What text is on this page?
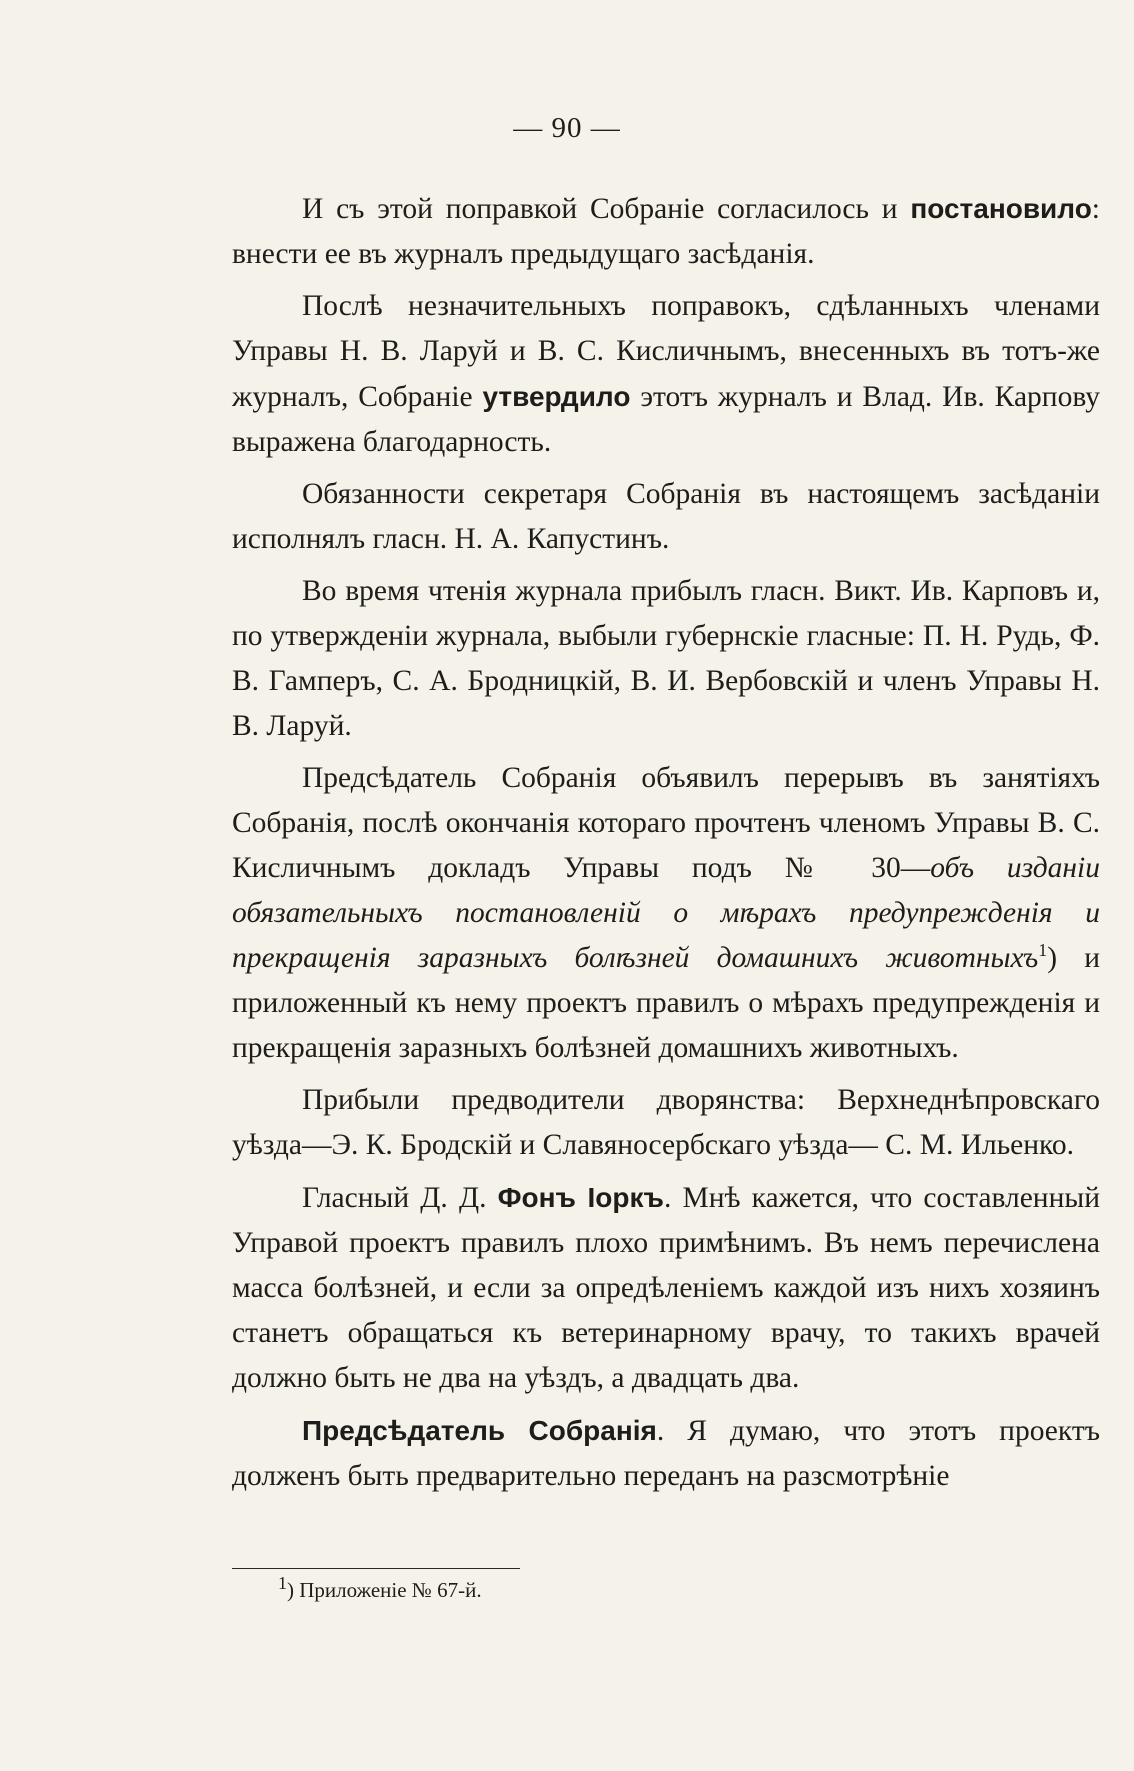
— 90 —

И съ этой поправкой Собраніе согласилось и постановило: внести ее въ журналъ предыдущаго засѣданія.

Послѣ незначительныхъ поправокъ, сдѣланныхъ членами Управы Н. В. Ларуй и В. С. Кисличнымъ, внесенныхъ въ тотъ-же журналъ, Собраніе утвердило этотъ журналъ и Влад. Ив. Карпову выражена благодарность.

Обязанности секретаря Собранія въ настоящемъ засѣданіи исполнялъ гласн. Н. А. Капустинъ.

Во время чтенія журнала прибылъ гласн. Викт. Ив. Карповъ и, по утвержденіи журнала, выбыли губернскіе гласные: П. Н. Рудь, Ф. В. Гамперъ, С. А. Бродницкій, В. И. Вербовскій и членъ Управы Н. В. Ларуй.

Предсѣдатель Собранія объявилъ перерывъ въ занятіяхъ Собранія, послѣ окончанія котораго прочтенъ членомъ Управы В. С. Кисличнымъ докладъ Управы подъ № 30—объ изданіи обязательныхъ постановленій о мѣрахъ предупрежденія и прекращенія заразныхъ болѣзней домашнихъ животныхъ$^1$) и приложенный къ нему проектъ правилъ о мѣрахъ предупрежденія и прекращенія заразныхъ болѣзней домашнихъ животныхъ.

Прибыли предводители дворянства: Верхнеднѣпровскаго уѣзда—Э. К. Бродскій и Славяносербскаго уѣзда— С. М. Ильенко.

Гласный Д. Д. Фонъ Іоркъ. Мнѣ кажется, что составленный Управой проектъ правилъ плохо примѣнимъ. Въ немъ перечислена масса болѣзней, и если за опредѣленіемъ каждой изъ нихъ хозяинъ станетъ обращаться къ ветеринарному врачу, то такихъ врачей должно быть не два на уѣздъ, а двадцать два.

Предсѣдатель Собранія. Я думаю, что этотъ проектъ долженъ быть предварительно переданъ на разсмотрѣніе

$^1$) Приложеніе № 67-й.
